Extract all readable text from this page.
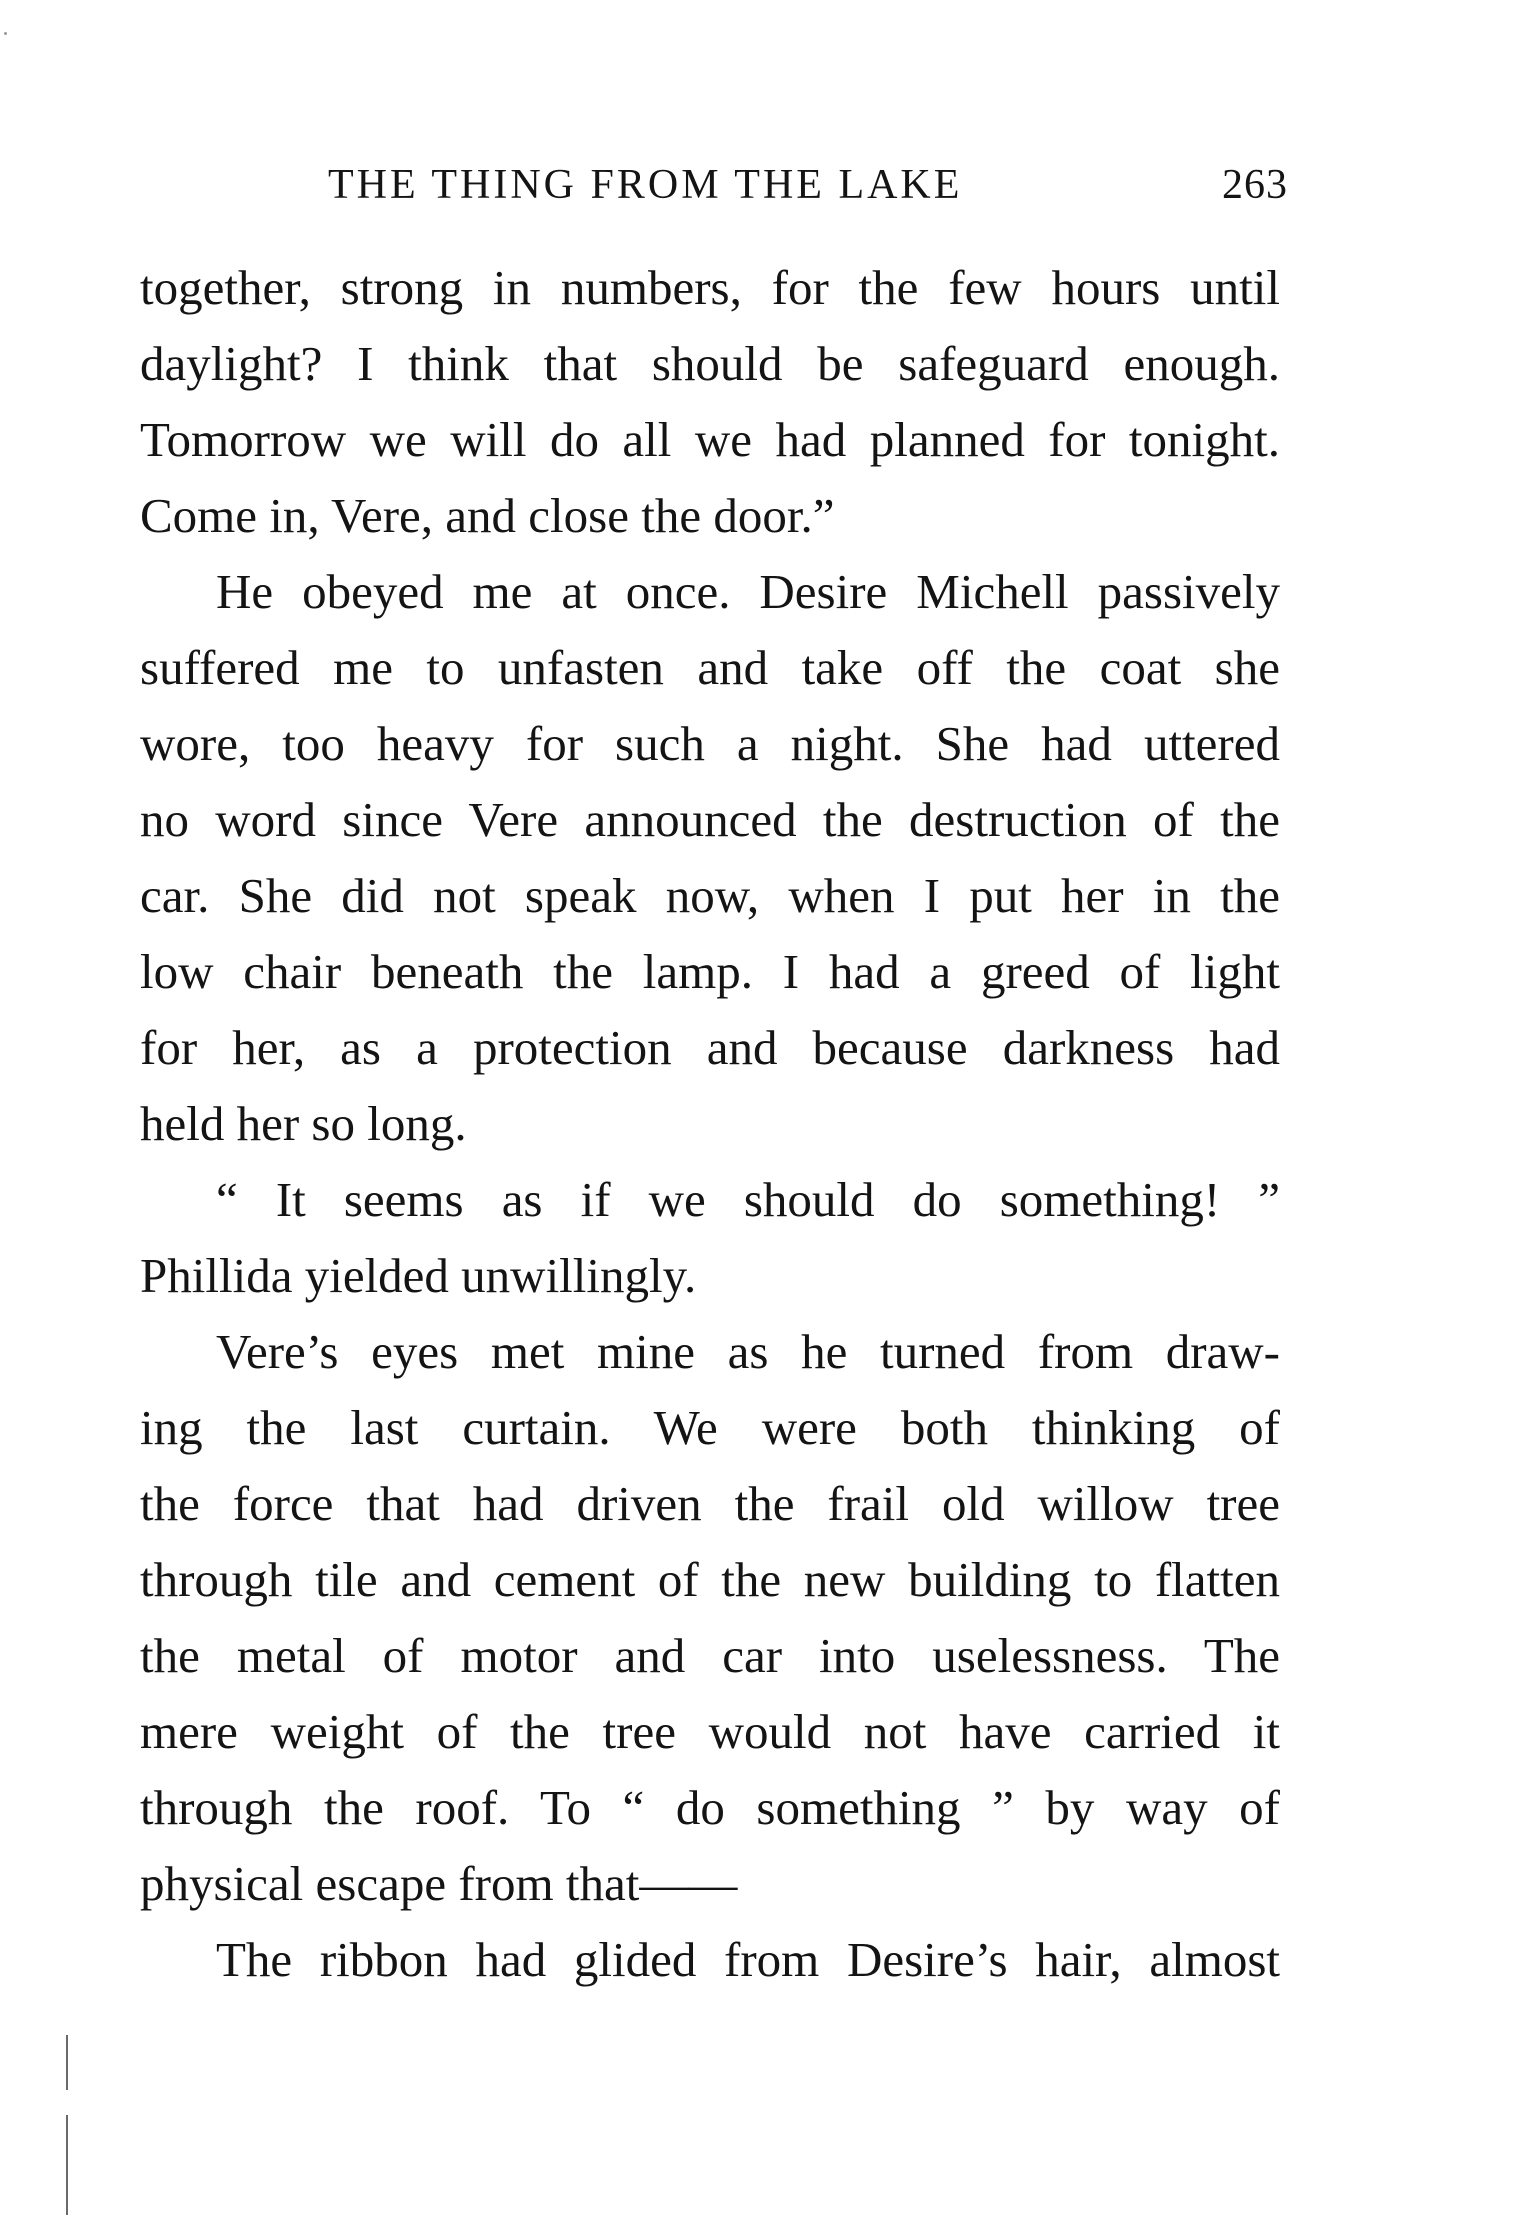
THE THING FROM THE LAKE	263
together, strong in numbers, for the few hours until
daylight? I think that should be safeguard enough.
Tomorrow we will do all we had planned for tonight.
Come in, Vere, and close the door.”
He obeyed me at once. Desire Michell passively
suffered me to unfasten and take off the coat she
wore, too heavy for such a night. She had uttered
no word since Vere announced the destruction of the
car. She did not speak now, when I put her in the
low chair beneath the lamp. I had a greed of light
for her, as a protection and because darkness had
held her so long.
“ It seems as if we should do something! ”
Phillida yielded unwillingly.
Vere’s eyes met mine as he turned from draw-
ing the last curtain. We were both thinking of
the force that had driven the frail old willow tree
through tile and cement of the new building to flatten
the metal of motor and car into uselessness. The
mere weight of the tree would not have carried it
through the roof. To “ do something ” by way of
physical escape from that——
The ribbon had glided from Desire’s hair, almost
